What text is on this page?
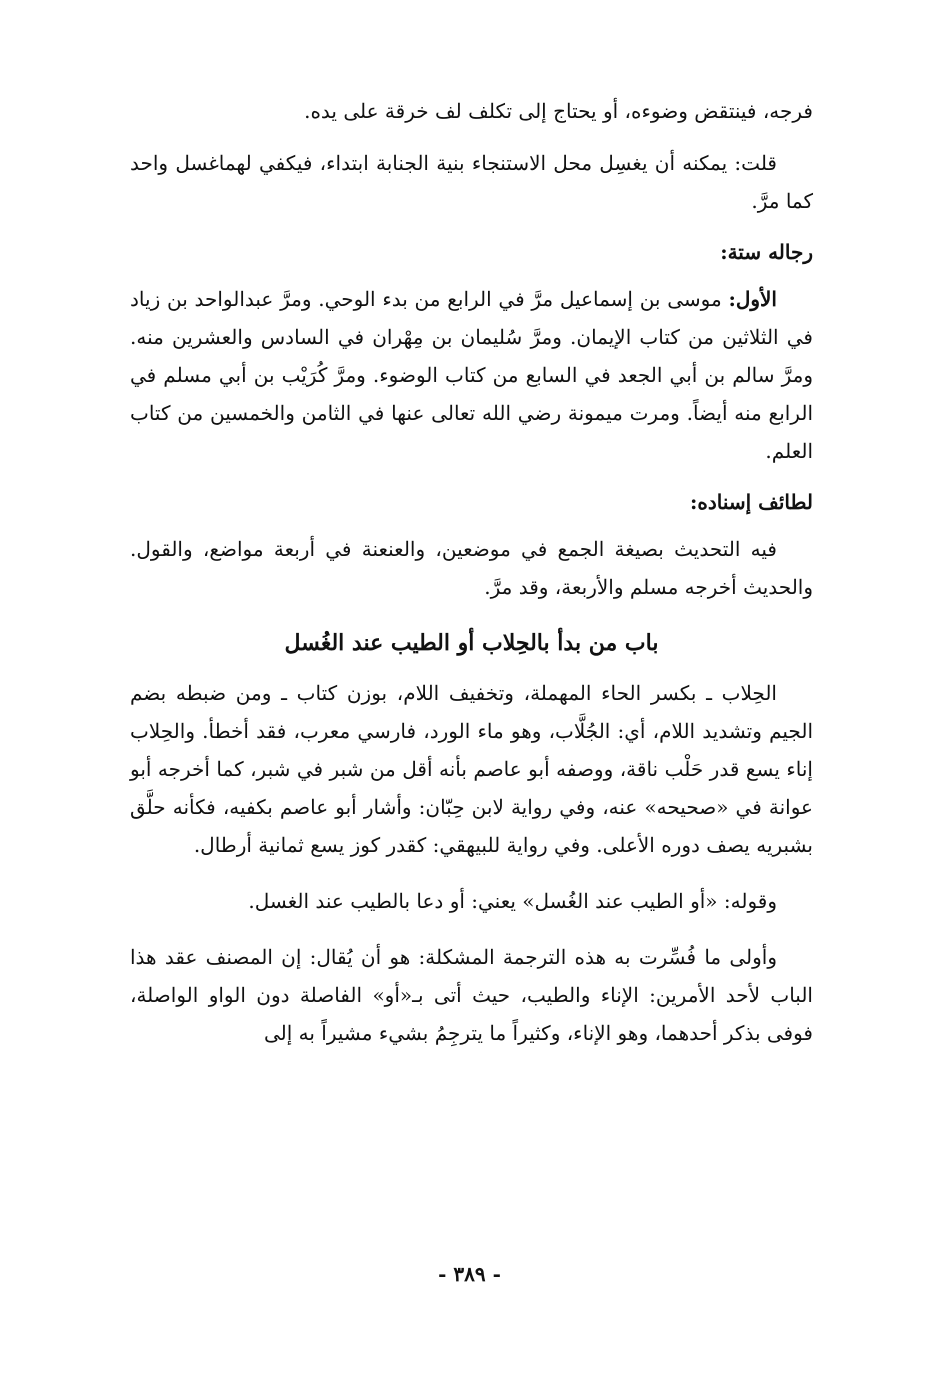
فرجه، فينتقض وضوءه، أو يحتاج إلى تكلف لف خرقة على يده.
قلت: يمكنه أن يغسِل محل الاستنجاء بنية الجنابة ابتداء، فيكفي لهماغسل واحد كما مرَّ.
رجاله ستة:
الأول: موسى بن إسماعيل مرَّ في الرابع من بدء الوحي. ومرَّ عبدالواحد بن زياد في الثلاثين من كتاب الإيمان. ومرَّ سُليمان بن مِهْران في السادس والعشرين منه. ومرَّ سالم بن أبي الجعد في السابع من كتاب الوضوء. ومرَّ كُرَيْب بن أبي مسلم في الرابع منه أيضاً. ومرت ميمونة رضي الله تعالى عنها في الثامن والخمسين من كتاب العلم.
لطائف إسناده:
فيه التحديث بصيغة الجمع في موضعين، والعنعنة في أربعة مواضع، والقول. والحديث أخرجه مسلم والأربعة، وقد مرَّ.
باب من بدأ بالحِلاب أو الطيب عند الغُسل
الحِلاب ـ بكسر الحاء المهملة، وتخفيف اللام، بوزن كتاب ـ ومن ضبطه بضم الجيم وتشديد اللام، أي: الجُلَّاب، وهو ماء الورد، فارسي معرب، فقد أخطأ. والحِلاب إناء يسع قدر حَلْب ناقة، ووصفه أبو عاصم بأنه أقل من شبر في شبر، كما أخرجه أبو عوانة في «صحيحه» عنه، وفي رواية لابن حِبّان: وأشار أبو عاصم بكفيه، فكأنه حلَّق بشبريه يصف دوره الأعلى. وفي رواية للبيهقي: كقدر كوز يسع ثمانية أرطال.
وقوله: «أو الطيب عند الغُسل» يعني: أو دعا بالطيب عند الغسل.
وأولى ما فُسِّرت به هذه الترجمة المشكلة: هو أن يُقال: إن المصنف عقد هذا الباب لأحد الأمرين: الإناء والطيب، حيث أتى بـ«أو» الفاصلة دون الواو الواصلة، فوفى بذكر أحدهما، وهو الإناء، وكثيراً ما يترجِمُ بشيء مشيراً به إلى
- ٣٨٩ -
